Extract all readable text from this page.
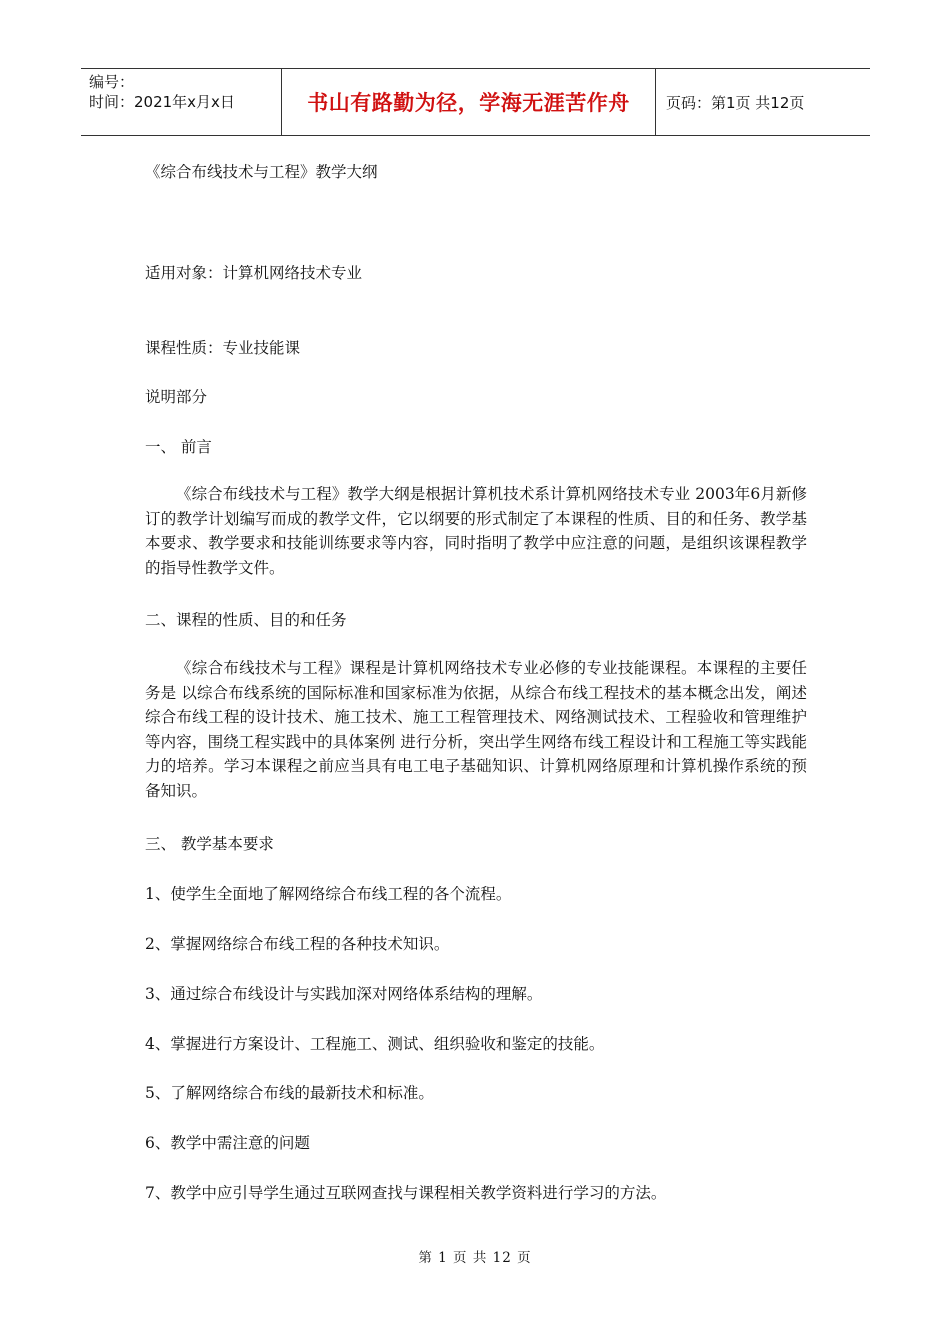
编号：
时间：2021年x月x日	书山有路勤为径，学海无涯苦作舟	页码：第1页 共12页
《综合布线技术与工程》教学大纲
适用对象：计算机网络技术专业
课程性质：专业技能课
说明部分
一、 前言
《综合布线技术与工程》教学大纲是根据计算机技术系计算机网络技术专业 2003年6月新修订的教学计划编写而成的教学文件，它以纲要的形式制定了本课程的性质、目的和任务、教学基本要求、教学要求和技能训练要求等内容，同时指明了教学中应注意的问题，是组织该课程教学的指导性教学文件。
二、课程的性质、目的和任务
《综合布线技术与工程》课程是计算机网络技术专业必修的专业技能课程。本课程的主要任务是 以综合布线系统的国际标准和国家标准为依据，从综合布线工程技术的基本概念出发，阐述综合布线工程的设计技术、施工技术、施工工程管理技术、网络测试技术、工程验收和管理维护等内容，围绕工程实践中的具体案例 进行分析，突出学生网络布线工程设计和工程施工等实践能力的培养。学习本课程之前应当具有电工电子基础知识、计算机网络原理和计算机操作系统的预备知识。
三、 教学基本要求
1、使学生全面地了解网络综合布线工程的各个流程。
2、掌握网络综合布线工程的各种技术知识。
3、通过综合布线设计与实践加深对网络体系结构的理解。
4、掌握进行方案设计、工程施工、测试、组织验收和鉴定的技能。
5、了解网络综合布线的最新技术和标准。
6、教学中需注意的问题
7、教学中应引导学生通过互联网查找与课程相关教学资料进行学习的方法。
第 1 页 共 12 页
